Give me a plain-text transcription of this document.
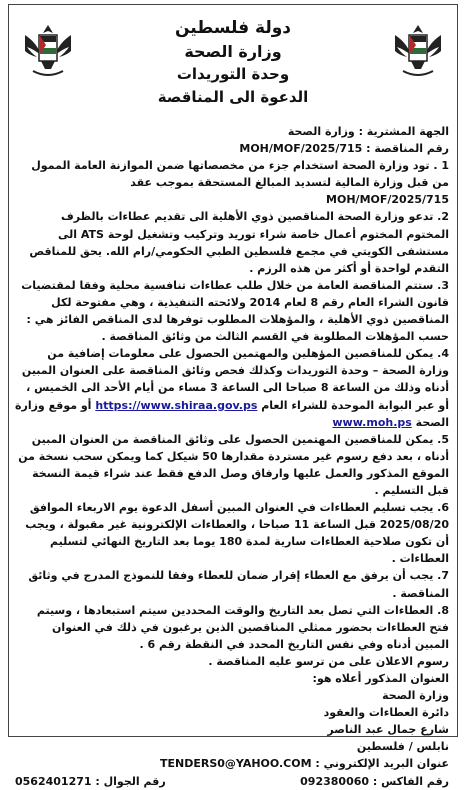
دولة فلسطين
وزارة الصحة
وحدة التوريدات
الدعوة الى المناقصة

الجهة المشترية : وزارة الصحة

رقم المناقصة : MOH/MOF/2025/715

1 . تود وزارة الصحة استخدام جزء من مخصصاتها ضمن الموازنة العامة الممول من قبل وزارة المالية لتسديد المبالغ المستحقة بموجب عقد MOH/MOF/2025/715

2. تدعو وزارة الصحة المناقصين ذوي الأهلية الى تقديم عطاءات بالظرف المختوم المختوم أعمال خاصة شراء توريد وتركيب وتشغيل لوحة ATS الى مستشفى الكويتي في مجمع فلسطين الطبي الحكومي/رام الله. يحق للمناقص التقدم لواحدة أو أكثر من هذه الرزم .

3. ستتم المناقصة العامة من خلال طلب عطاءات تنافسية محلية وفقا لمقتضيات قانون الشراء العام رقم 8 لعام 2014 ولائحته التنفيذية ، وهي مفتوحة لكل المناقصين ذوي الأهلية ، والمؤهلات المطلوب توفرها لدى المناقص الفائز هي : حسب المؤهلات المطلوبة في القسم الثالث من وثائق المناقصة .

4. يمكن للمناقصين المؤهلين والمهتمين الحصول على معلومات إضافية من وزارة الصحة – وحدة التوريدات وكذلك فحص وثائق المناقصة على العنوان المبين أدناه وذلك من الساعة 8 صباحا الى الساعة 3 مساء من أيام الأحد الى الخميس ، أو عبر البوابة الموحدة للشراء العام https://www.shiraa.gov.ps أو موقع وزارة الصحة www.moh.ps

5. يمكن للمناقصين المهتمين الحصول على وثائق المناقصة من العنوان المبين أدناه ، بعد دفع رسوم غير مستردة مقدارها 50 شيكل كما ويمكن سحب نسخة من الموقع المذكور والعمل عليها وارفاق وصل الدفع فقط عند شراء قيمة النسخة قبل التسليم .

6. يجب تسليم العطاءات في العنوان المبين أسفل الدعوة يوم الاربعاء الموافق 2025/08/20 قبل الساعة 11 صباحا ، والعطاءات الإلكترونية غير مقبولة ، ويجب أن تكون صلاحية العطاءات سارية لمدة 180 يوما بعد التاريخ النهائي لتسليم العطاءات .

7. يجب أن يرفق مع العطاء إقرار ضمان للعطاء وفقا للنموذج المدرج في وثائق المناقصة .

8. العطاءات التي تصل بعد التاريخ والوقت المحددين سيتم استبعادها ، وسيتم فتح العطاءات بحضور ممثلي المناقصين الذين يرغبون في ذلك في العنوان المبين أدناه وفي نفس التاريخ المحدد في النقطة رقم 6 .

رسوم الاعلان على من ترسو عليه المناقصة .

العنوان المذكور أعلاه هو:

وزارة الصحة

دائرة العطاءات والعقود

شارع جمال عبد الناصر

نابلس / فلسطين

عنوان البريد الإلكتروني : TENDERS0@YAHOO.COM

رقم الفاكس : 092380060
رقم الجوال : 0562401271
